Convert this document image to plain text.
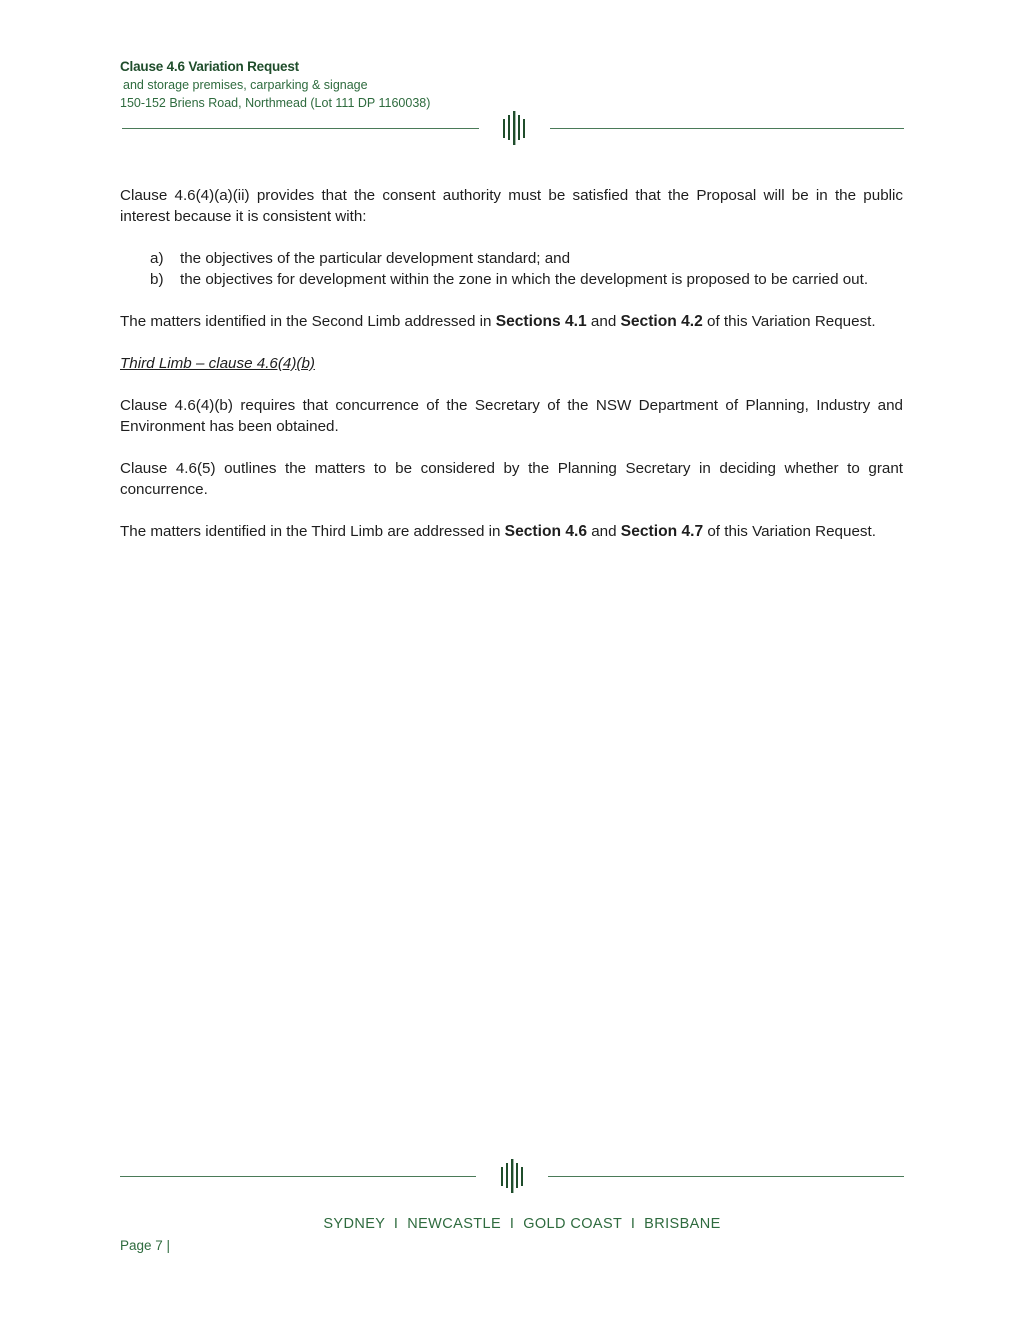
Clause 4.6 Variation Request
and storage premises, carparking & signage
150-152 Briens Road, Northmead (Lot 111 DP 1160038)

Clause 4.6(4)(a)(ii) provides that the consent authority must be satisfied that the Proposal will be in the public interest because it is consistent with:

a) the objectives of the particular development standard; and
b) the objectives for development within the zone in which the development is proposed to be carried out.

The matters identified in the Second Limb addressed in Sections 4.1 and Section 4.2 of this Variation Request.

Third Limb – clause 4.6(4)(b)

Clause 4.6(4)(b) requires that concurrence of the Secretary of the NSW Department of Planning, Industry and Environment has been obtained.

Clause 4.6(5) outlines the matters to be considered by the Planning Secretary in deciding whether to grant concurrence.

The matters identified in the Third Limb are addressed in Section 4.6 and Section 4.7 of this Variation Request.

SYDNEY  I  NEWCASTLE  I  GOLD COAST  I  BRISBANE
Page 7 |
